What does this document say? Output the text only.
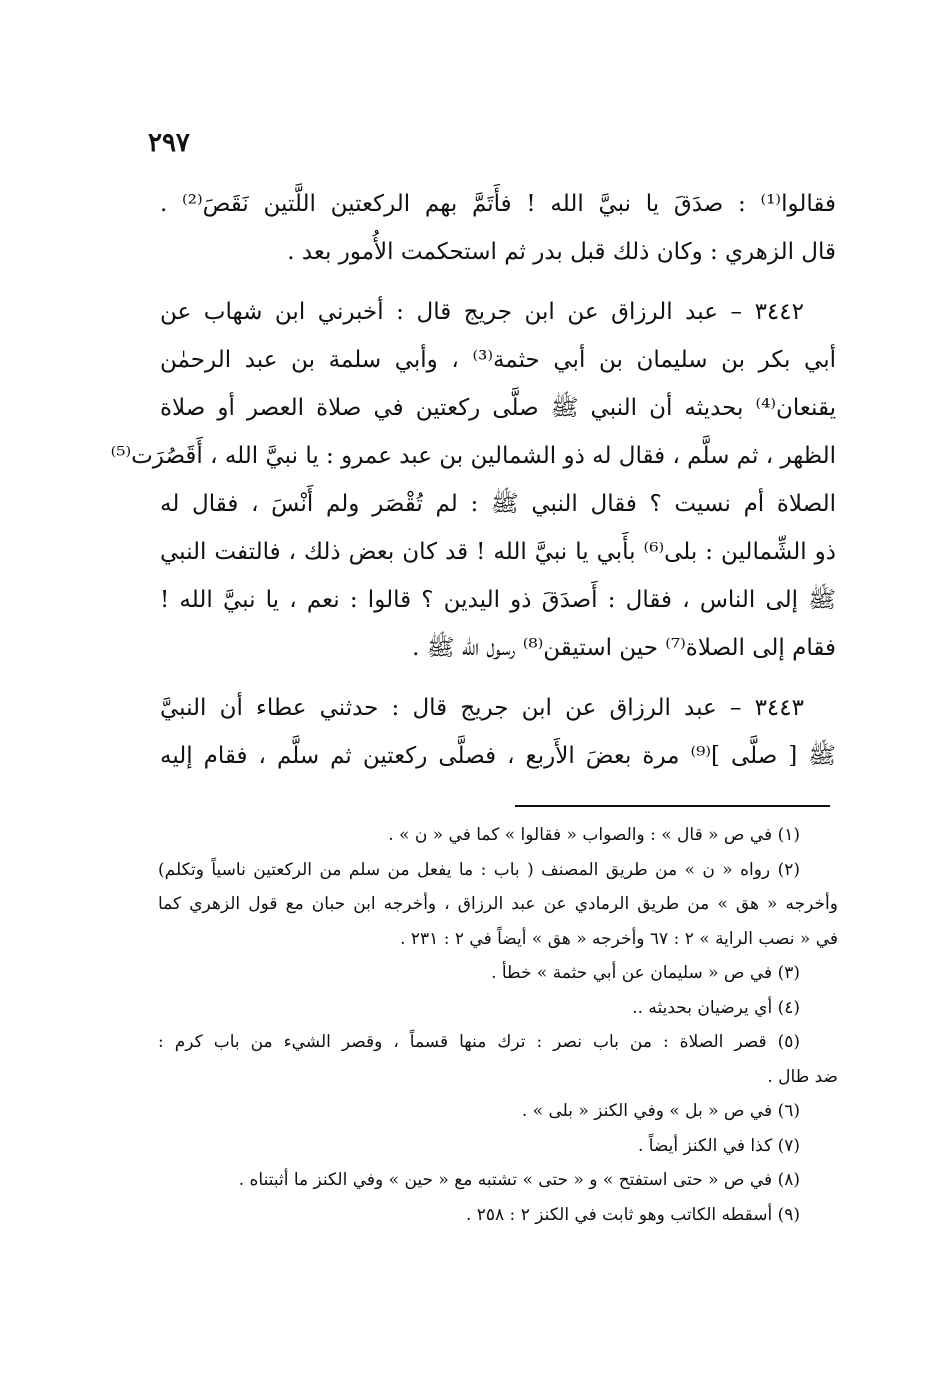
٢٩٧
فقالوا⁽¹⁾ : صدَقَ يا نبيَّ الله ! فأَتَمَّ بهم الركعتين اللَّتين نَقَصَ⁽²⁾ .
قال الزهري : وكان ذلك قبل بدر ثم استحكمت الأُمور بعد .
٣٤٤٢ – عبد الرزاق عن ابن جريج قال : أخبرني ابن شهاب عن
أبي بكر بن سليمان بن أبي حثمة⁽³⁾ ، وأبي سلمة بن عبد الرحمٰن
يقنعان⁽⁴⁾ بحديثه أن النبي ﷺ صلَّى ركعتين في صلاة العصر أو صلاة
الظهر ، ثم سلَّم ، فقال له ذو الشمالين بن عبد عمرو : يا نبيَّ الله ، أَقَصُرَت⁽⁵⁾
الصلاة أم نسيت ؟ فقال النبي ﷺ : لم تُقْصَر ولم أَنْسَ ، فقال له
ذو الشِّمالين : بلى⁽⁶⁾ بأَبي يا نبيَّ الله ! قد كان بعض ذلك ، فالتفت النبي
ﷺ إلى الناس ، فقال : أَصدَقَ ذو اليدين ؟ قالوا : نعم ، يا نبيَّ الله !
فقام إلى الصلاة⁽⁷⁾ حين استيقن⁽⁸⁾ رسول الله ﷺ .
٣٤٤٣ – عبد الرزاق عن ابن جريج قال : حدثني عطاء أن النبيَّ
ﷺ [ صلَّى ]⁽⁹⁾ مرة بعضَ الأَربع ، فصلَّى ركعتين ثم سلَّم ، فقام إليه
(١) في ص « قال » : والصواب « فقالوا » كما في « ن » .
(٢) رواه « ن » من طريق المصنف ( باب : ما يفعل من سلم من الركعتين ناسياً وتكلم)
وأخرجه « هق » من طريق الرمادي عن عبد الرزاق ، وأخرجه ابن حبان مع قول الزهري كما
في « نصب الراية » ٢ : ٦٧ وأخرجه « هق » أيضاً في ٢ : ٢٣١ .
(٣) في ص « سليمان عن أبي حثمة » خطأ .
(٤) أي يرضيان بحديثه ..
(٥) قصر الصلاة : من باب نصر : ترك منها قسماً ، وقصر الشيء من باب كرم :
ضد طال .
(٦) في ص « بل » وفي الكنز « بلى » .
(٧) كذا في الكنز أيضاً .
(٨) في ص « حتى استفتح » و « حتى » تشتبه مع « حين » وفي الكنز ما أثبتناه .
(٩) أسقطه الكاتب وهو ثابت في الكنز ٢ : ٢٥٨ .
